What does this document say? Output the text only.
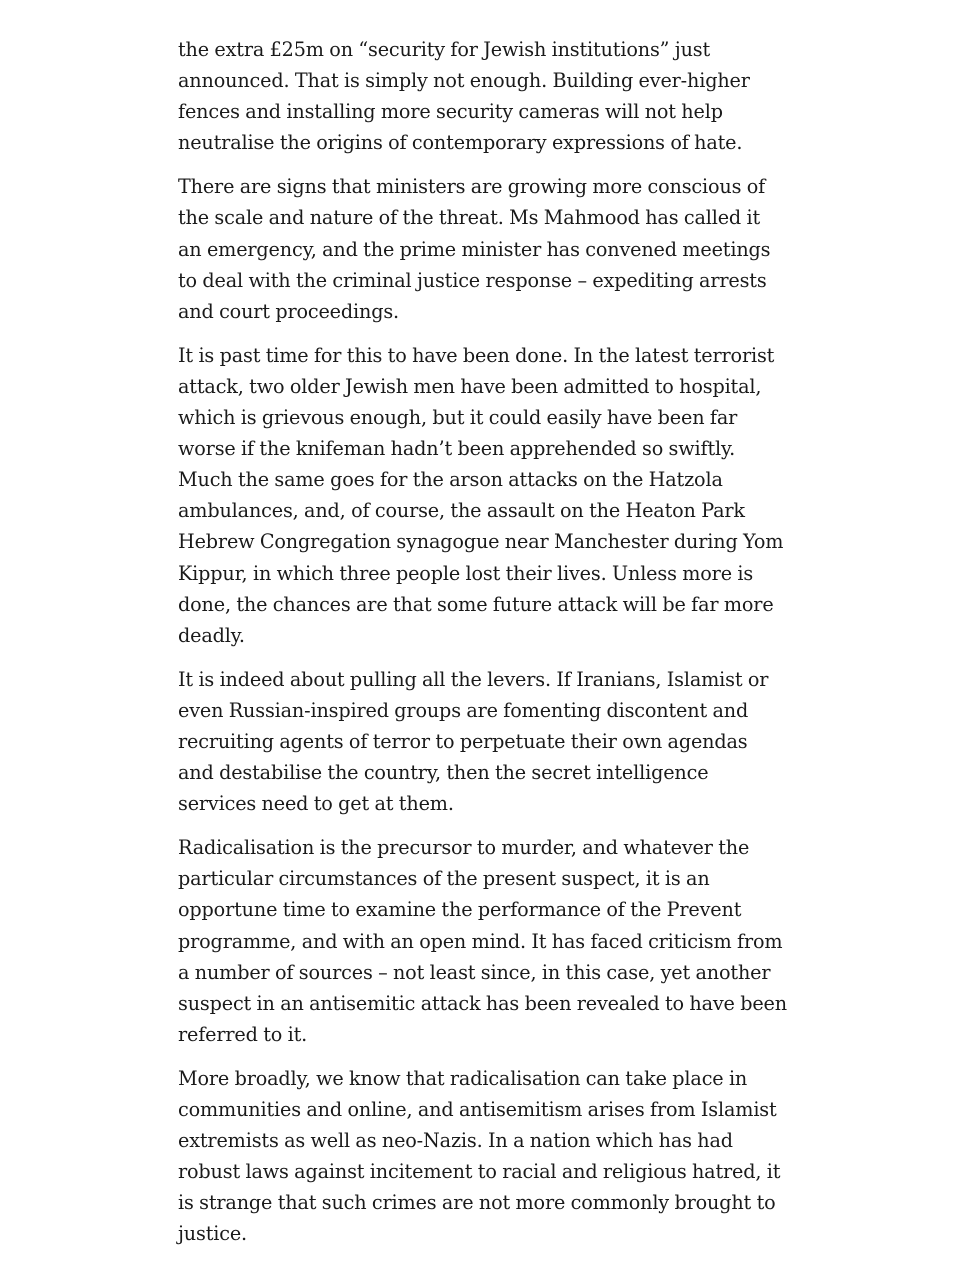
the extra £25m on “security for Jewish institutions” just announced. That is simply not enough. Building ever-higher fences and installing more security cameras will not help neutralise the origins of contemporary expressions of hate.

There are signs that ministers are growing more conscious of the scale and nature of the threat. Ms Mahmood has called it an emergency, and the prime minister has convened meetings to deal with the criminal justice response – expediting arrests and court proceedings.

It is past time for this to have been done. In the latest terrorist attack, two older Jewish men have been admitted to hospital, which is grievous enough, but it could easily have been far worse if the knifeman hadn’t been apprehended so swiftly. Much the same goes for the arson attacks on the Hatzola ambulances, and, of course, the assault on the Heaton Park Hebrew Congregation synagogue near Manchester during Yom Kippur, in which three people lost their lives. Unless more is done, the chances are that some future attack will be far more deadly.

It is indeed about pulling all the levers. If Iranians, Islamist or even Russian-inspired groups are fomenting discontent and recruiting agents of terror to perpetuate their own agendas and destabilise the country, then the secret intelligence services need to get at them.

Radicalisation is the precursor to murder, and whatever the particular circumstances of the present suspect, it is an opportune time to examine the performance of the Prevent programme, and with an open mind. It has faced criticism from a number of sources – not least since, in this case, yet another suspect in an antisemitic attack has been revealed to have been referred to it.

More broadly, we know that radicalisation can take place in communities and online, and antisemitism arises from Islamist extremists as well as neo-Nazis. In a nation which has had robust laws against incitement to racial and religious hatred, it is strange that such crimes are not more commonly brought to justice.
